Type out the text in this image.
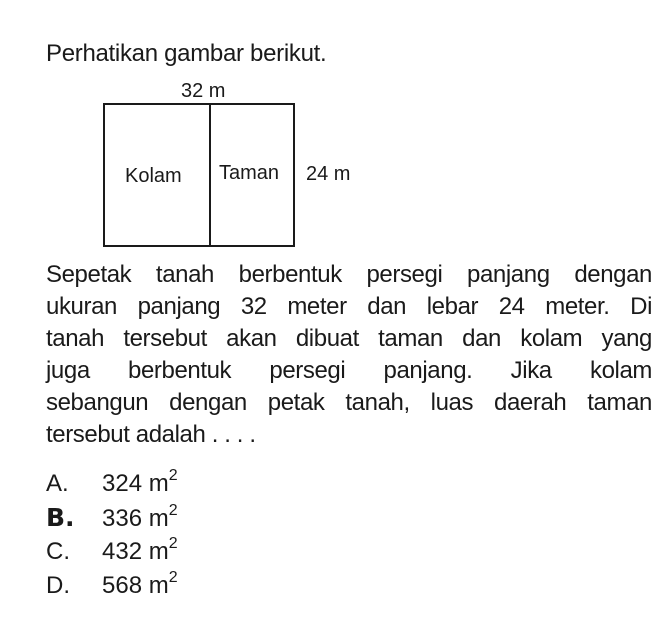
Perhatikan gambar berikut.
32 m
Kolam Taman 24 m
Sepetak tanah berbentuk persegi panjang dengan
ukuran panjang 32 meter dan lebar 24 meter. Di
tanah tersebut akan dibuat taman dan kolam yang
juga berbentuk persegi panjang. Jika kolam
sebangun dengan petak tanah, luas daerah taman
tersebut adalah . . . .
A.	324 $m^2$
B.	336 $m^2$
C.	432 $m^2$
D.	568 $m^2$
